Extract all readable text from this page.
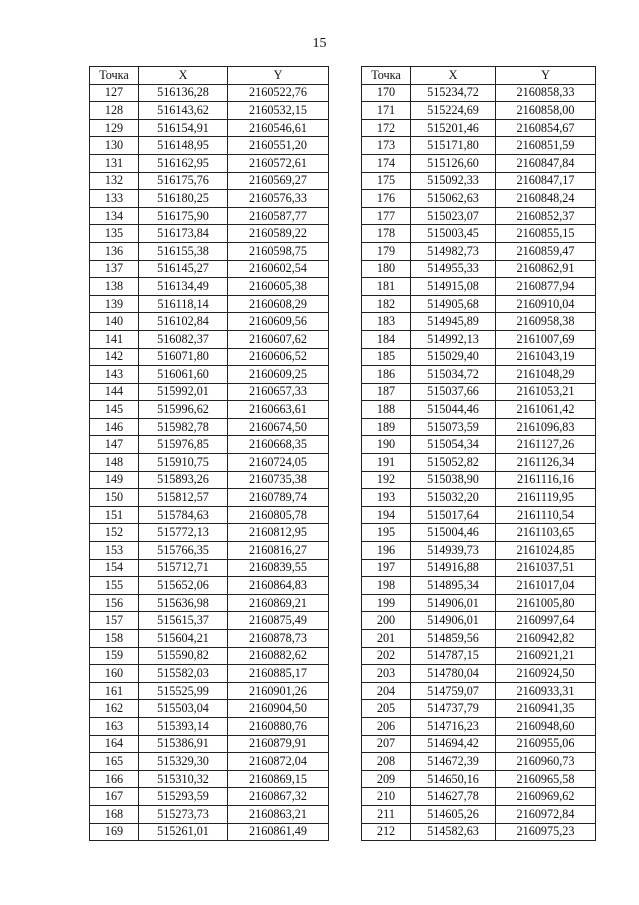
15
Точка	X	Y
127	516136,28	2160522,76
128	516143,62	2160532,15
129	516154,91	2160546,61
130	516148,95	2160551,20
131	516162,95	2160572,61
132	516175,76	2160569,27
133	516180,25	2160576,33
134	516175,90	2160587,77
135	516173,84	2160589,22
136	516155,38	2160598,75
137	516145,27	2160602,54
138	516134,49	2160605,38
139	516118,14	2160608,29
140	516102,84	2160609,56
141	516082,37	2160607,62
142	516071,80	2160606,52
143	516061,60	2160609,25
144	515992,01	2160657,33
145	515996,62	2160663,61
146	515982,78	2160674,50
147	515976,85	2160668,35
148	515910,75	2160724,05
149	515893,26	2160735,38
150	515812,57	2160789,74
151	515784,63	2160805,78
152	515772,13	2160812,95
153	515766,35	2160816,27
154	515712,71	2160839,55
155	515652,06	2160864,83
156	515636,98	2160869,21
157	515615,37	2160875,49
158	515604,21	2160878,73
159	515590,82	2160882,62
160	515582,03	2160885,17
161	515525,99	2160901,26
162	515503,04	2160904,50
163	515393,14	2160880,76
164	515386,91	2160879,91
165	515329,30	2160872,04
166	515310,32	2160869,15
167	515293,59	2160867,32
168	515273,73	2160863,21
169	515261,01	2160861,49
Точка	X	Y
170	515234,72	2160858,33
171	515224,69	2160858,00
172	515201,46	2160854,67
173	515171,80	2160851,59
174	515126,60	2160847,84
175	515092,33	2160847,17
176	515062,63	2160848,24
177	515023,07	2160852,37
178	515003,45	2160855,15
179	514982,73	2160859,47
180	514955,33	2160862,91
181	514915,08	2160877,94
182	514905,68	2160910,04
183	514945,89	2160958,38
184	514992,13	2161007,69
185	515029,40	2161043,19
186	515034,72	2161048,29
187	515037,66	2161053,21
188	515044,46	2161061,42
189	515073,59	2161096,83
190	515054,34	2161127,26
191	515052,82	2161126,34
192	515038,90	2161116,16
193	515032,20	2161119,95
194	515017,64	2161110,54
195	515004,46	2161103,65
196	514939,73	2161024,85
197	514916,88	2161037,51
198	514895,34	2161017,04
199	514906,01	2161005,80
200	514906,01	2160997,64
201	514859,56	2160942,82
202	514787,15	2160921,21
203	514780,04	2160924,50
204	514759,07	2160933,31
205	514737,79	2160941,35
206	514716,23	2160948,60
207	514694,42	2160955,06
208	514672,39	2160960,73
209	514650,16	2160965,58
210	514627,78	2160969,62
211	514605,26	2160972,84
212	514582,63	2160975,23
